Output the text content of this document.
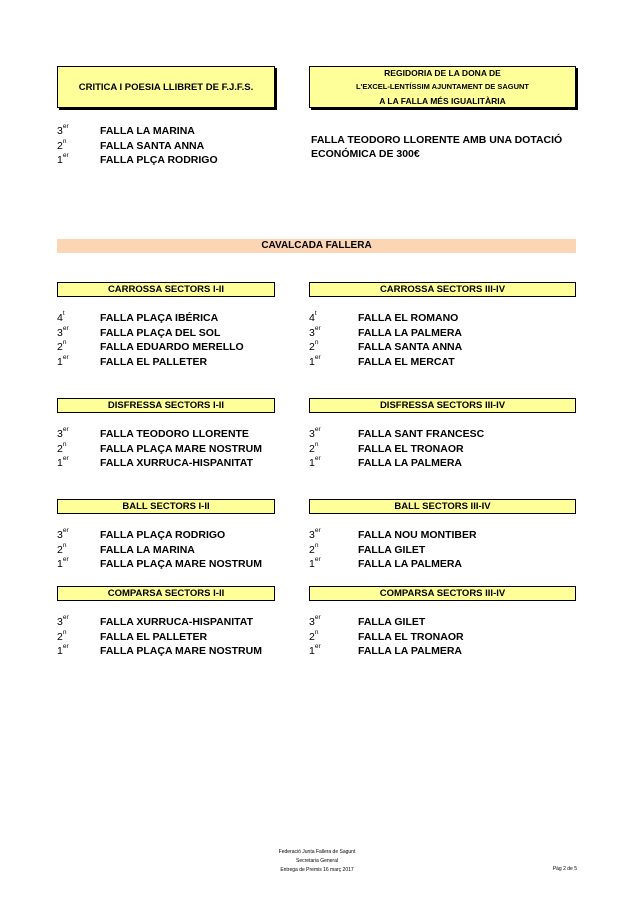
CRITICA I POESIA LLIBRET DE F.J.F.S.
REGIDORIA DE LA DONA DE
L'EXCEL-LENTÍSSIM AJUNTAMENT DE SAGUNT
A LA FALLA MÉS IGUALITÀRIA
3er	FALLA LA MARINA
2$^n$	FALLA SANTA ANNA
1er	FALLA PLÇA RODRIGO
FALLA TEODORO LLORENTE AMB UNA DOTACIÓ ECONÓMICA DE 300€
CAVALCADA FALLERA
CARROSSA SECTORS I-II	CARROSSA SECTORS III-IV
4$^t$	FALLA PLAÇA IBÉRICA
3er	FALLA PLAÇA DEL SOL
2$^n$	FALLA EDUARDO MERELLO
1er	FALLA EL PALLETER
4$^t$	FALLA EL ROMANO
3er	FALLA LA PALMERA
2$^n$	FALLA SANTA ANNA
1er	FALLA EL MERCAT
DISFRESSA SECTORS I-II	DISFRESSA SECTORS III-IV
3er	FALLA TEODORO LLORENTE
2$^n$	FALLA PLAÇA MARE NOSTRUM
1er	FALLA XURRUCA-HISPANITAT
3er	FALLA SANT FRANCESC
2$^n$	FALLA EL TRONAOR
1er	FALLA LA PALMERA
BALL SECTORS I-II	BALL SECTORS III-IV
3er	FALLA PLAÇA RODRIGO
2$^n$	FALLA LA MARINA
1er	FALLA PLAÇA MARE NOSTRUM
3er	FALLA NOU MONTIBER
2$^n$	FALLA GILET
1er	FALLA LA PALMERA
COMPARSA SECTORS I-II	COMPARSA SECTORS III-IV
3er	FALLA XURRUCA-HISPANITAT
2$^n$	FALLA EL PALLETER
1er	FALLA PLAÇA MARE NOSTRUM
3er	FALLA GILET
2$^n$	FALLA EL TRONAOR
1er	FALLA LA PALMERA
Federació Junta Fallera de Sagunt
Secretaria General
Entrega de Premis 16 març 2017	Pàg 2 de 5
